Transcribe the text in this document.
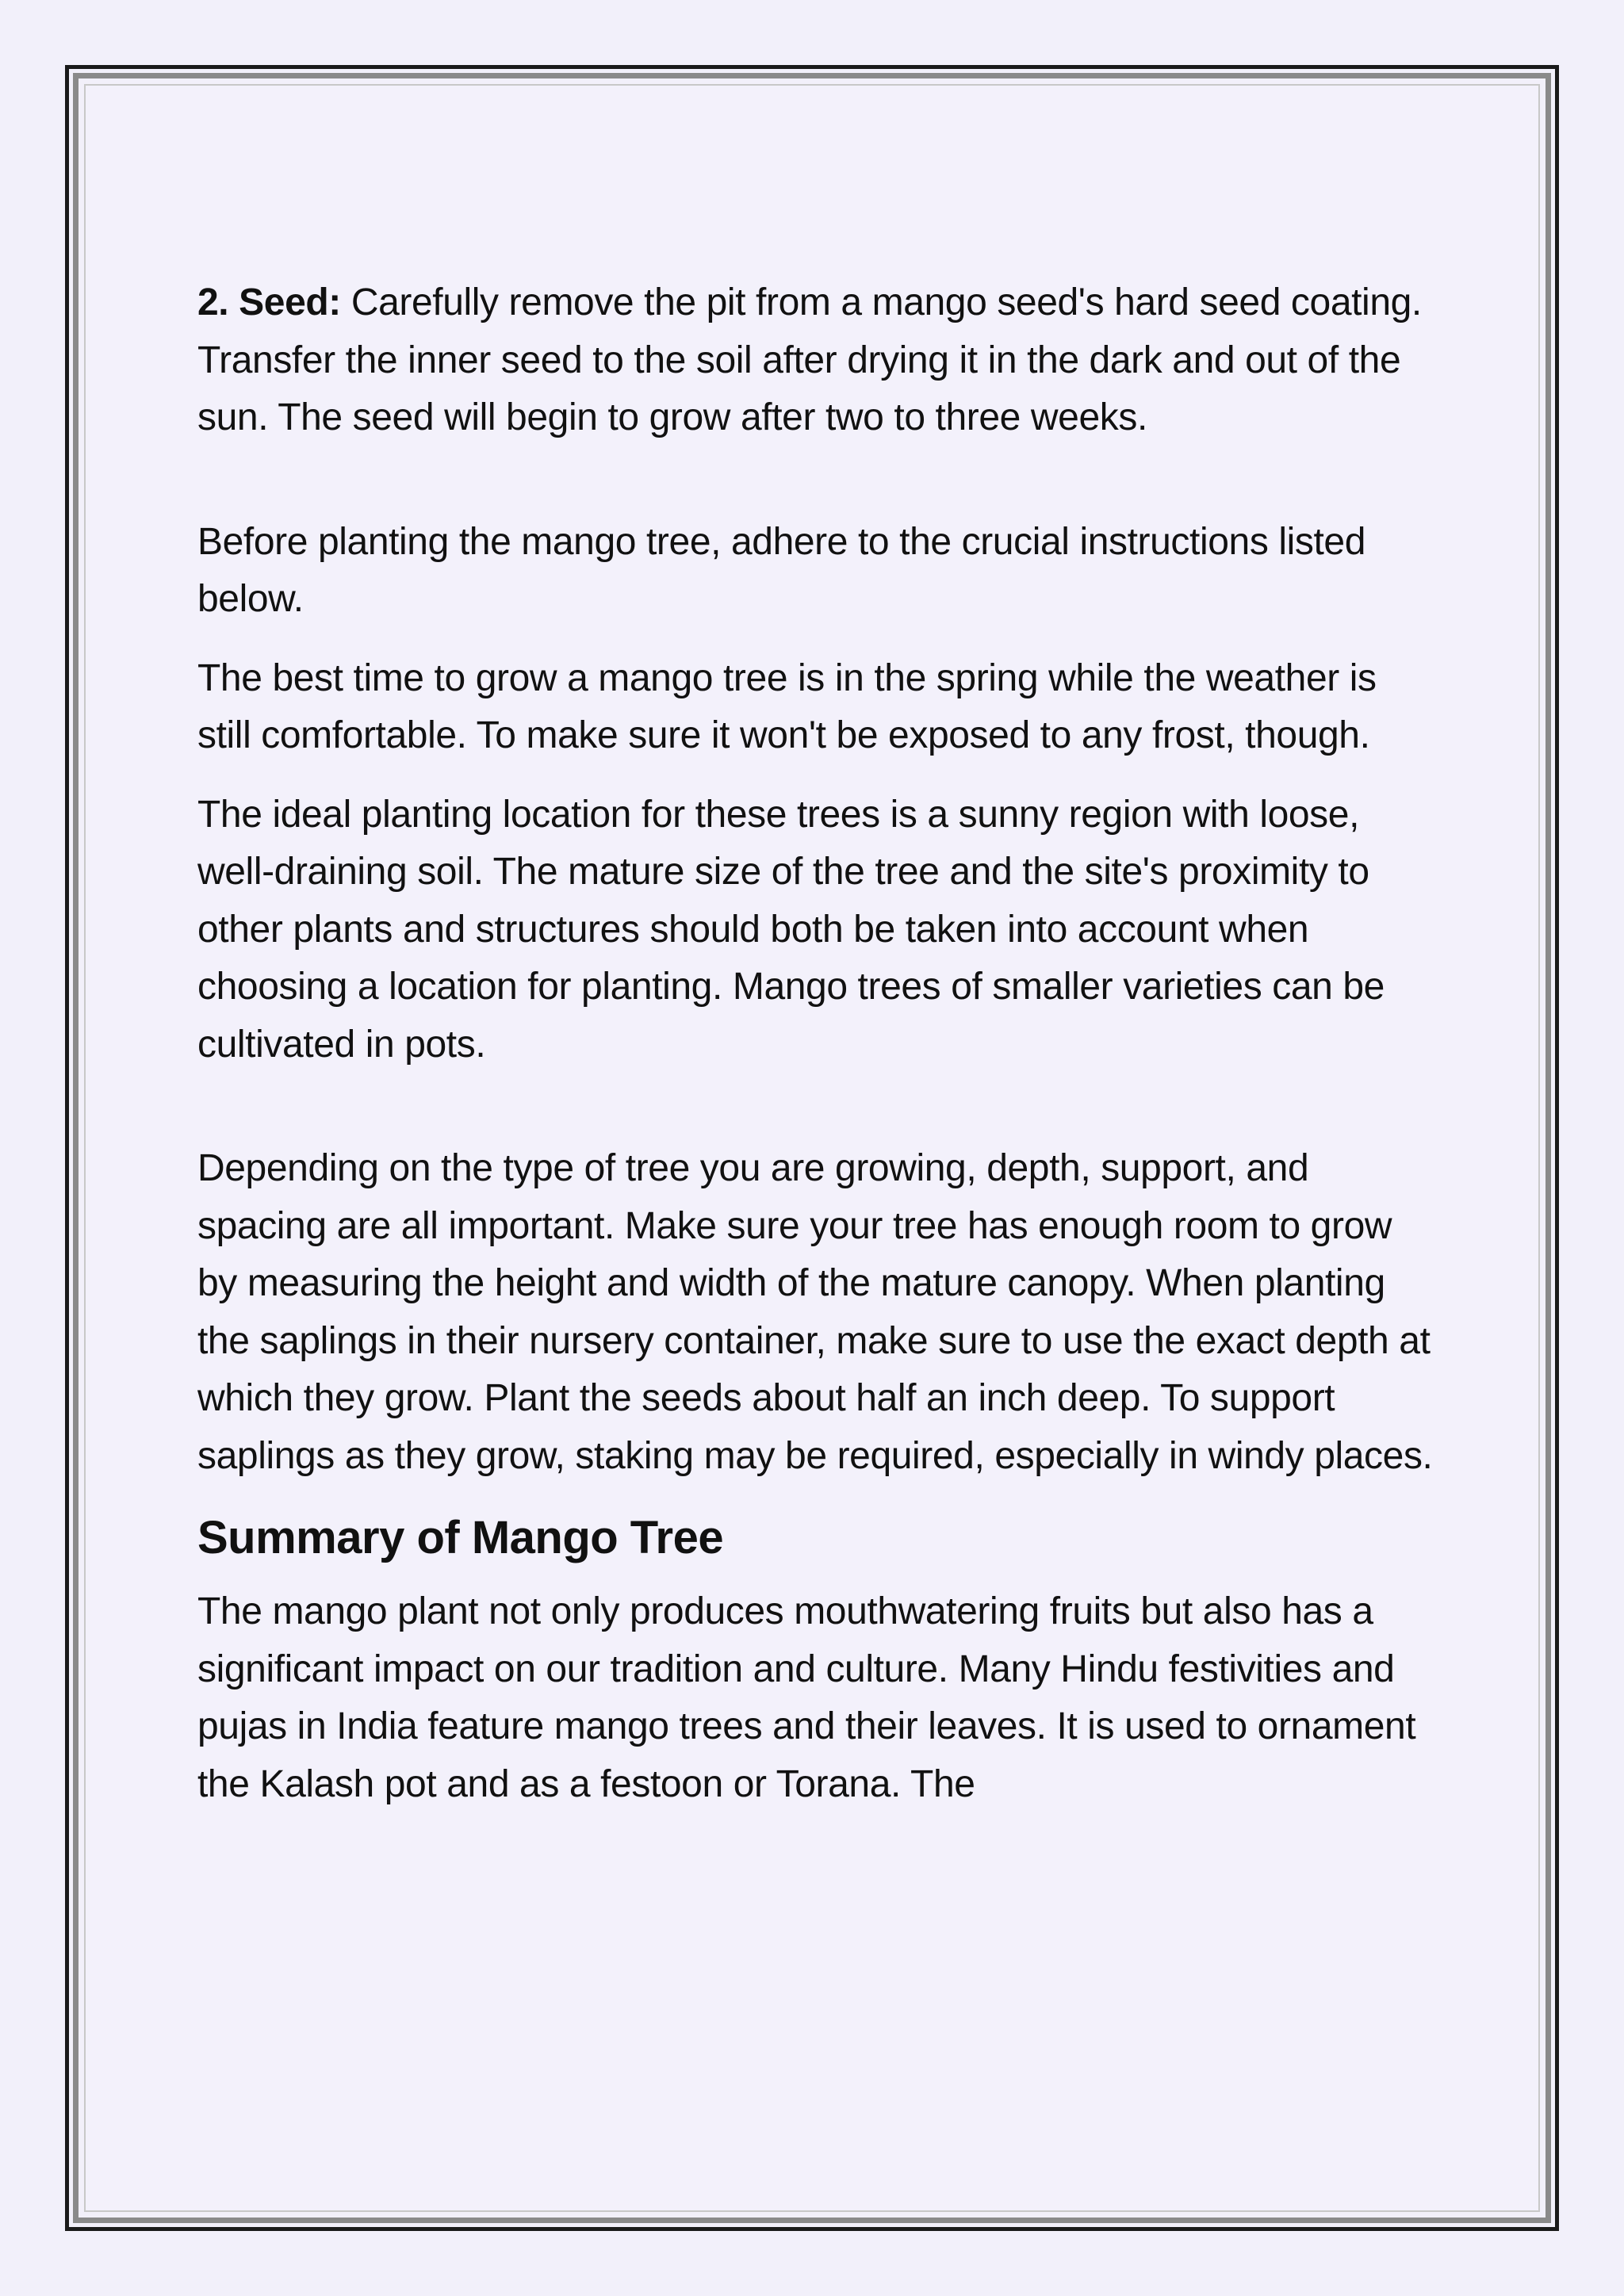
2. Seed: Carefully remove the pit from a mango seed's hard seed coating. Transfer the inner seed to the soil after drying it in the dark and out of the sun. The seed will begin to grow after two to three weeks.

Before planting the mango tree, adhere to the crucial instructions listed below.

The best time to grow a mango tree is in the spring while the weather is still comfortable. To make sure it won't be exposed to any frost, though.

The ideal planting location for these trees is a sunny region with loose, well-draining soil. The mature size of the tree and the site's proximity to other plants and structures should both be taken into account when choosing a location for planting. Mango trees of smaller varieties can be cultivated in pots.

Depending on the type of tree you are growing, depth, support, and spacing are all important. Make sure your tree has enough room to grow by measuring the height and width of the mature canopy. When planting the saplings in their nursery container, make sure to use the exact depth at which they grow. Plant the seeds about half an inch deep. To support saplings as they grow, staking may be required, especially in windy places.

Summary of Mango Tree

The mango plant not only produces mouthwatering fruits but also has a significant impact on our tradition and culture. Many Hindu festivities and pujas in India feature mango trees and their leaves. It is used to ornament the Kalash pot and as a festoon or Torana. The
